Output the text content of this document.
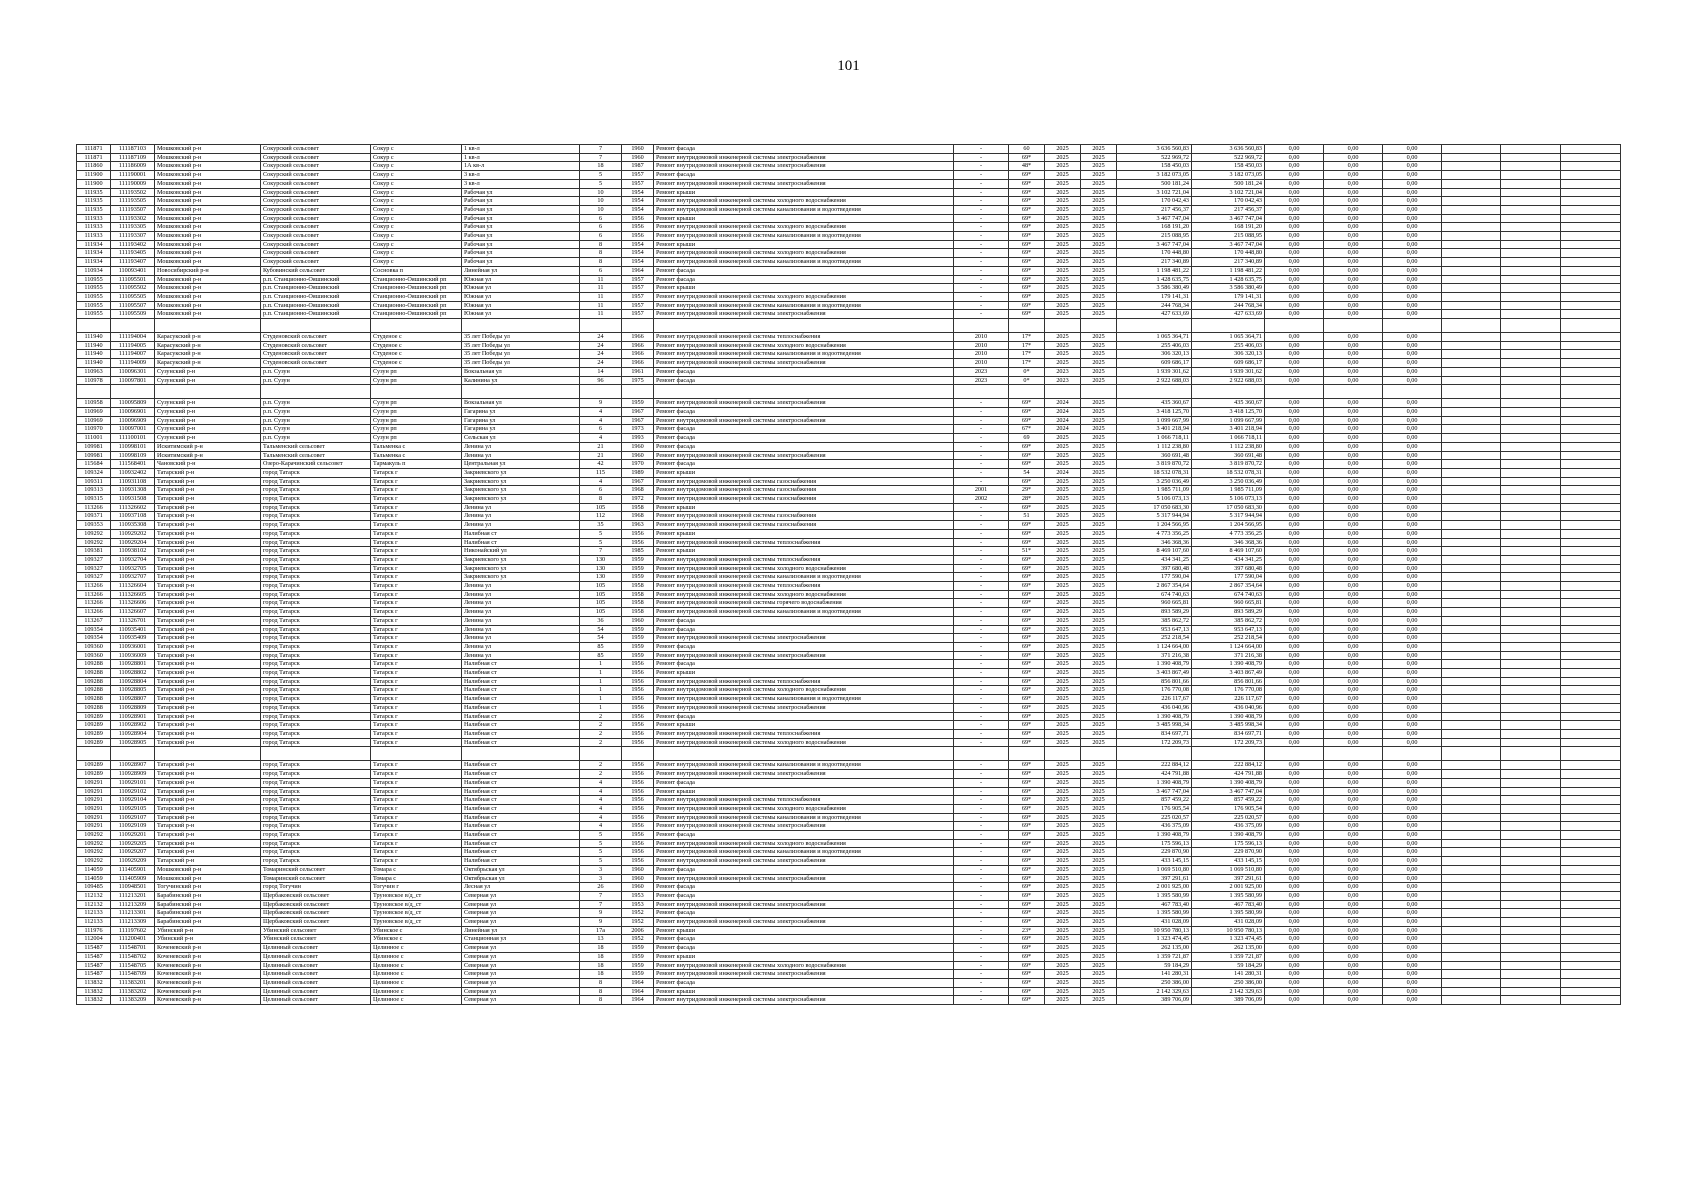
101
111871	111187103	Мошковский р-н	Сокурский сельсовет	Сокур с	1 кв-л	7	1960	Ремонт фасада	-	60	2025	2025	3 636 560,83	3 636 560,83	0,00	0,00	0,00			
111871	111187109	Мошковский р-н	Сокурский сельсовет	Сокур с	1 кв-л	7	1960	Ремонт внутридомовой инженерной системы электроснабжения	-	69*	2025	2025	522 969,72	522 969,72	0,00	0,00	0,00			
111860	111186009	Мошковский р-н	Сокурский сельсовет	Сокур с	1А кв-л	18	1987	Ремонт внутридомовой инженерной системы электроснабжения	-	48*	2025	2025	158 450,03	158 450,03	0,00	0,00	0,00			
111900	111190001	Мошковский р-н	Сокурский сельсовет	Сокур с	3 кв-л	5	1957	Ремонт фасада	-	69*	2025	2025	3 182 073,05	3 182 073,05	0,00	0,00	0,00			
111900	111190009	Мошковский р-н	Сокурский сельсовет	Сокур с	3 кв-л	5	1957	Ремонт внутридомовой инженерной системы электроснабжения	-	69*	2025	2025	500 181,24	500 181,24	0,00	0,00	0,00			
111935	111193502	Мошковский р-н	Сокурский сельсовет	Сокур с	Рабочая ул	10	1954	Ремонт крыши	-	69*	2025	2025	3 102 721,04	3 102 721,04	0,00	0,00	0,00			
111935	111193505	Мошковский р-н	Сокурский сельсовет	Сокур с	Рабочая ул	10	1954	Ремонт внутридомовой инженерной системы холодного водоснабжения	-	69*	2025	2025	170 042,43	170 042,43	0,00	0,00	0,00			
111935	111193507	Мошковский р-н	Сокурский сельсовет	Сокур с	Рабочая ул	10	1954	Ремонт внутридомовой инженерной системы канализования и водоотведения	-	69*	2025	2025	217 456,37	217 456,37	0,00	0,00	0,00			
111933	111193302	Мошковский р-н	Сокурский сельсовет	Сокур с	Рабочая ул	6	1956	Ремонт крыши	-	69*	2025	2025	3 467 747,04	3 467 747,04	0,00	0,00	0,00			
111933	111193305	Мошковский р-н	Сокурский сельсовет	Сокур с	Рабочая ул	6	1956	Ремонт внутридомовой инженерной системы холодного водоснабжения	-	69*	2025	2025	168 191,20	168 191,20	0,00	0,00	0,00			
111933	111193307	Мошковский р-н	Сокурский сельсовет	Сокур с	Рабочая ул	6	1956	Ремонт внутридомовой инженерной системы канализования и водоотведения	-	69*	2025	2025	215 088,95	215 088,95	0,00	0,00	0,00			
111934	111193402	Мошковский р-н	Сокурский сельсовет	Сокур с	Рабочая ул	8	1954	Ремонт крыши	-	69*	2025	2025	3 467 747,04	3 467 747,04	0,00	0,00	0,00			
111934	111193405	Мошковский р-н	Сокурский сельсовет	Сокур с	Рабочая ул	8	1954	Ремонт внутридомовой инженерной системы холодного водоснабжения	-	69*	2025	2025	170 448,80	170 448,80	0,00	0,00	0,00			
111934	111193407	Мошковский р-н	Сокурский сельсовет	Сокур с	Рабочая ул	8	1954	Ремонт внутридомовой инженерной системы канализования и водоотведения	-	69*	2025	2025	217 340,89	217 340,89	0,00	0,00	0,00			
110934	110093401	Новосибирский р-н	Кубовинский сельсовет	Сосновка п	Линейная ул	6	1964	Ремонт фасада	-	69*	2025	2025	1 198 481,22	1 198 481,22	0,00	0,00	0,00			
110955	111095501	Мошковский р-н	р.п. Станционно-Ояшинский	Станционно-Ояшинский рп	Южная ул	11	1957	Ремонт фасада	-	69*	2025	2025	1 428 635,75	1 428 635,75	0,00	0,00	0,00			
110955	111095502	Мошковский р-н	р.п. Станционно-Ояшинский	Станционно-Ояшинский рп	Южная ул	11	1957	Ремонт крыши	-	69*	2025	2025	3 586 380,49	3 586 380,49	0,00	0,00	0,00			
110955	111095505	Мошковский р-н	р.п. Станционно-Ояшинский	Станционно-Ояшинский рп	Южная ул	11	1957	Ремонт внутридомовой инженерной системы холодного водоснабжения	-	69*	2025	2025	179 141,31	179 141,31	0,00	0,00	0,00			
110955	111095507	Мошковский р-н	р.п. Станционно-Ояшинский	Станционно-Ояшинский рп	Южная ул	11	1957	Ремонт внутридомовой инженерной системы канализования и водоотведения	-	69*	2025	2025	244 768,34	244 768,34	0,00	0,00	0,00			
110955	111095509	Мошковский р-н	р.п. Станционно-Ояшинский	Станционно-Ояшинский рп	Южная ул	11	1957	Ремонт внутридомовой инженерной системы электроснабжения	-	69*	2025	2025	427 633,69	427 633,69	0,00	0,00	0,00			

111940	111194004	Карасукский р-н	Студеновский сельсовет	Студеное с	35 лет Победы ул	24	1966	Ремонт внутридомовой инженерной системы теплоснабжения	2010	17*	2025	2025	1 065 364,71	1 065 364,71	0,00	0,00	0,00			
111940	111194005	Карасукский р-н	Студеновский сельсовет	Студеное с	35 лет Победы ул	24	1966	Ремонт внутридомовой инженерной системы холодного водоснабжения	2010	17*	2025	2025	255 406,03	255 406,03	0,00	0,00	0,00			
111940	111194007	Карасукский р-н	Студеновский сельсовет	Студеное с	35 лет Победы ул	24	1966	Ремонт внутридомовой инженерной системы канализования и водоотведения	2010	17*	2025	2025	306 320,13	306 320,13	0,00	0,00	0,00			
111940	111194009	Карасукский р-н	Студеновский сельсовет	Студеное с	35 лет Победы ул	24	1966	Ремонт внутридомовой инженерной системы электроснабжения	2010	17*	2025	2025	609 686,17	609 686,17	0,00	0,00	0,00			
110963	110096301	Сузунский р-н	р.п. Сузун	Сузун рп	Вокзальная ул	14	1961	Ремонт фасада	2023	0*	2023	2025	1 939 301,62	1 939 301,62	0,00	0,00	0,00			
110978	110097801	Сузунский р-н	р.п. Сузун	Сузун рп	Калинина ул	96	1975	Ремонт фасада	2023	0*	2023	2025	2 922 688,03	2 922 688,03	0,00	0,00	0,00			

110958	110095809	Сузунский р-н	р.п. Сузун	Сузун рп	Вокзальная ул	9	1959	Ремонт внутридомовой инженерной системы электроснабжения	-	69*	2024	2025	435 360,67	435 360,67	0,00	0,00	0,00			
110969	110096901	Сузунский р-н	р.п. Сузун	Сузун рп	Гагарина ул	4	1967	Ремонт фасада	-	69*	2024	2025	3 418 125,70	3 418 125,70	0,00	0,00	0,00			
110969	110096909	Сузунский р-н	р.п. Сузун	Сузун рп	Гагарина ул	4	1967	Ремонт внутридомовой инженерной системы электроснабжения	-	69*	2024	2025	1 099 667,99	1 099 667,99	0,00	0,00	0,00			
110970	110097001	Сузунский р-н	р.п. Сузун	Сузун рп	Гагарина ул	6	1973	Ремонт фасада	-	67*	2024	2025	3 401 218,94	3 401 218,94	0,00	0,00	0,00			
111001	111100101	Сузунский р-н	р.п. Сузун	Сузун рп	Сельская ул	4	1993	Ремонт фасада	-	69	2025	2025	1 066 718,11	1 066 718,11	0,00	0,00	0,00			
109981	110998101	Искитимский р-н	Тальменский сельсовет	Тальменка с	Ленина ул	21	1960	Ремонт фасада	-	69*	2025	2025	1 112 238,80	1 112 238,80	0,00	0,00	0,00			
109981	110998109	Искитимский р-н	Тальменский сельсовет	Тальменка с	Ленина ул	21	1960	Ремонт внутридомовой инженерной системы электроснабжения	-	69*	2025	2025	360 691,48	360 691,48	0,00	0,00	0,00			
115684	111568401	Чановский р-н	Озеро-Карачинский сельсовет	Тармакуль п	Центральная ул	42	1970	Ремонт фасада	-	69*	2025	2025	3 819 870,72	3 819 870,72	0,00	0,00	0,00			
109324	110932402	Татарский р-н	город Татарск	Татарск г	Закриевского ул	115	1989	Ремонт крыши	-	54	2024	2025	18 532 078,31	18 532 078,31	0,00	0,00	0,00			
109311	110931108	Татарский р-н	город Татарск	Татарск г	Закриевского ул	4	1967	Ремонт внутридомовой инженерной системы газоснабжения	-	69*	2025	2025	3 250 036,49	3 250 036,49	0,00	0,00	0,00			
109313	110931308	Татарский р-н	город Татарск	Татарск г	Закриевского ул	6	1968	Ремонт внутридомовой инженерной системы газоснабжения	2001	29*	2025	2025	1 985 711,09	1 985 711,09	0,00	0,00	0,00			
109315	110931508	Татарский р-н	город Татарск	Татарск г	Закриевского ул	8	1972	Ремонт внутридомовой инженерной системы газоснабжения	2002	28*	2025	2025	5 106 073,13	5 106 073,13	0,00	0,00	0,00			
113266	111326602	Татарский р-н	город Татарск	Татарск г	Ленина ул	105	1958	Ремонт крыши	-	69*	2025	2025	17 050 683,30	17 050 683,30	0,00	0,00	0,00			
109371	110937108	Татарский р-н	город Татарск	Татарск г	Ленина ул	112	1968	Ремонт внутридомовой инженерной системы газоснабжения	-	51	2025	2025	5 317 944,94	5 317 944,94	0,00	0,00	0,00			
109353	110935308	Татарский р-н	город Татарск	Татарск г	Ленина ул	35	1963	Ремонт внутридомовой инженерной системы газоснабжения	-	69*	2025	2025	1 204 566,95	1 204 566,95	0,00	0,00	0,00			
109292	110929202	Татарский р-н	город Татарск	Татарск г	Налибная ст	5	1956	Ремонт крыши	-	69*	2025	2025	4 773 356,25	4 773 356,25	0,00	0,00	0,00			
109292	110929204	Татарский р-н	город Татарск	Татарск г	Налибная ст	5	1956	Ремонт внутридомовой инженерной системы теплоснабжения	-	69*	2025	2025	346 368,36	346 368,36	0,00	0,00	0,00			
109381	110938102	Татарский р-н	город Татарск	Татарск г	Никонайский ул	7	1985	Ремонт крыши	-	51*	2025	2025	8 469 107,60	8 469 107,60	0,00	0,00	0,00			
109327	110932704	Татарский р-н	город Татарск	Татарск г	Закриевского ул	130	1959	Ремонт внутридомовой инженерной системы теплоснабжения	-	69*	2025	2025	434 341,25	434 341,25	0,00	0,00	0,00			
109327	110932705	Татарский р-н	город Татарск	Татарск г	Закриевского ул	130	1959	Ремонт внутридомовой инженерной системы холодного водоснабжения	-	69*	2025	2025	397 680,48	397 680,48	0,00	0,00	0,00			
109327	110932707	Татарский р-н	город Татарск	Татарск г	Закриевского ул	130	1959	Ремонт внутридомовой инженерной системы канализования и водоотведения	-	69*	2025	2025	177 590,04	177 590,04	0,00	0,00	0,00			
113266	111326604	Татарский р-н	город Татарск	Татарск г	Ленина ул	105	1958	Ремонт внутридомовой инженерной системы теплоснабжения	-	69*	2025	2025	2 867 354,64	2 867 354,64	0,00	0,00	0,00			
113266	111326605	Татарский р-н	город Татарск	Татарск г	Ленина ул	105	1958	Ремонт внутридомовой инженерной системы холодного водоснабжения	-	69*	2025	2025	674 740,63	674 740,63	0,00	0,00	0,00			
113266	111326606	Татарский р-н	город Татарск	Татарск г	Ленина ул	105	1958	Ремонт внутридомовой инженерной системы горячего водоснабжения	-	69*	2025	2025	960 665,81	960 665,81	0,00	0,00	0,00			
113266	111326607	Татарский р-н	город Татарск	Татарск г	Ленина ул	105	1958	Ремонт внутридомовой инженерной системы канализования и водоотведения	-	69*	2025	2025	893 589,29	893 589,29	0,00	0,00	0,00			
113267	111326701	Татарский р-н	город Татарск	Татарск г	Ленина ул	36	1960	Ремонт фасада	-	69*	2025	2025	385 862,72	385 862,72	0,00	0,00	0,00			
109354	110935401	Татарский р-н	город Татарск	Татарск г	Ленина ул	54	1959	Ремонт фасада	-	69*	2025	2025	953 647,13	953 647,13	0,00	0,00	0,00			
109354	110935409	Татарский р-н	город Татарск	Татарск г	Ленина ул	54	1959	Ремонт внутридомовой инженерной системы электроснабжения	-	69*	2025	2025	252 218,54	252 218,54	0,00	0,00	0,00			
109360	110936001	Татарский р-н	город Татарск	Татарск г	Ленина ул	85	1959	Ремонт фасада	-	69*	2025	2025	1 124 664,00	1 124 664,00	0,00	0,00	0,00			
109360	110936009	Татарский р-н	город Татарск	Татарск г	Ленина ул	85	1959	Ремонт внутридомовой инженерной системы электроснабжения	-	69*	2025	2025	371 216,38	371 216,38	0,00	0,00	0,00			
109288	110928801	Татарский р-н	город Татарск	Татарск г	Налибная ст	1	1956	Ремонт фасада	-	69*	2025	2025	1 390 408,79	1 390 408,79	0,00	0,00	0,00			
109288	110928802	Татарский р-н	город Татарск	Татарск г	Налибная ст	1	1956	Ремонт крыши	-	69*	2025	2025	3 403 867,49	3 403 867,49	0,00	0,00	0,00			
109288	110928804	Татарский р-н	город Татарск	Татарск г	Налибная ст	1	1956	Ремонт внутридомовой инженерной системы теплоснабжения	-	69*	2025	2025	856 801,66	856 801,66	0,00	0,00	0,00			
109288	110928805	Татарский р-н	город Татарск	Татарск г	Налибная ст	1	1956	Ремонт внутридомовой инженерной системы холодного водоснабжения	-	69*	2025	2025	176 770,08	176 770,08	0,00	0,00	0,00			
109288	110928807	Татарский р-н	город Татарск	Татарск г	Налибная ст	1	1956	Ремонт внутридомовой инженерной системы канализования и водоотведения	-	69*	2025	2025	226 117,67	226 117,67	0,00	0,00	0,00			
109288	110928809	Татарский р-н	город Татарск	Татарск г	Налибная ст	1	1956	Ремонт внутридомовой инженерной системы электроснабжения	-	69*	2025	2025	436 040,96	436 040,96	0,00	0,00	0,00			
109289	110928901	Татарский р-н	город Татарск	Татарск г	Налибная ст	2	1956	Ремонт фасада	-	69*	2025	2025	1 390 408,79	1 390 408,79	0,00	0,00	0,00			
109289	110928902	Татарский р-н	город Татарск	Татарск г	Налибная ст	2	1956	Ремонт крыши	-	69*	2025	2025	3 485 998,34	3 485 998,34	0,00	0,00	0,00			
109289	110928904	Татарский р-н	город Татарск	Татарск г	Налибная ст	2	1956	Ремонт внутридомовой инженерной системы теплоснабжения	-	69*	2025	2025	834 697,71	834 697,71	0,00	0,00	0,00			
109289	110928905	Татарский р-н	город Татарск	Татарск г	Налибная ст	2	1956	Ремонт внутридомовой инженерной системы холодного водоснабжения	-	69*	2025	2025	172 209,73	172 209,73	0,00	0,00	0,00			

109289	110928907	Татарский р-н	город Татарск	Татарск г	Налибная ст	2	1956	Ремонт внутридомовой инженерной системы канализования и водоотведения	-	69*	2025	2025	222 884,12	222 884,12	0,00	0,00	0,00			
109289	110928909	Татарский р-н	город Татарск	Татарск г	Налибная ст	2	1956	Ремонт внутридомовой инженерной системы электроснабжения	-	69*	2025	2025	424 791,88	424 791,88	0,00	0,00	0,00			
109291	110929101	Татарский р-н	город Татарск	Татарск г	Налибная ст	4	1956	Ремонт фасада	-	69*	2025	2025	1 390 408,79	1 390 408,79	0,00	0,00	0,00			
109291	110929102	Татарский р-н	город Татарск	Татарск г	Налибная ст	4	1956	Ремонт крыши	-	69*	2025	2025	3 467 747,04	3 467 747,04	0,00	0,00	0,00			
109291	110929104	Татарский р-н	город Татарск	Татарск г	Налибная ст	4	1956	Ремонт внутридомовой инженерной системы теплоснабжения	-	69*	2025	2025	857 459,22	857 459,22	0,00	0,00	0,00			
109291	110929105	Татарский р-н	город Татарск	Татарск г	Налибная ст	4	1956	Ремонт внутридомовой инженерной системы холодного водоснабжения	-	69*	2025	2025	176 905,54	176 905,54	0,00	0,00	0,00			
109291	110929107	Татарский р-н	город Татарск	Татарск г	Налибная ст	4	1956	Ремонт внутридомовой инженерной системы канализования и водоотведения	-	69*	2025	2025	225 020,57	225 020,57	0,00	0,00	0,00			
109291	110929109	Татарский р-н	город Татарск	Татарск г	Налибная ст	4	1956	Ремонт внутридомовой инженерной системы электроснабжения	-	69*	2025	2025	436 375,09	436 375,09	0,00	0,00	0,00			
109292	110929201	Татарский р-н	город Татарск	Татарск г	Налибная ст	5	1956	Ремонт фасада	-	69*	2025	2025	1 390 408,79	1 390 408,79	0,00	0,00	0,00			
109292	110929205	Татарский р-н	город Татарск	Татарск г	Налибная ст	5	1956	Ремонт внутридомовой инженерной системы холодного водоснабжения	-	69*	2025	2025	175 596,13	175 596,13	0,00	0,00	0,00			
109292	110929207	Татарский р-н	город Татарск	Татарск г	Налибная ст	5	1956	Ремонт внутридомовой инженерной системы канализования и водоотведения	-	69*	2025	2025	229 870,90	229 870,90	0,00	0,00	0,00			
109292	110929209	Татарский р-н	город Татарск	Татарск г	Налибная ст	5	1956	Ремонт внутридомовой инженерной системы электроснабжения	-	69*	2025	2025	433 145,15	433 145,15	0,00	0,00	0,00			
114059	111405901	Мошковский р-н	Томаринский сельсовет	Томара с	Октябрьская ул	3	1960	Ремонт фасада	-	69*	2025	2025	1 069 510,80	1 069 510,80	0,00	0,00	0,00			
114059	111405909	Мошковский р-н	Томаринский сельсовет	Томара с	Октябрьская ул	3	1960	Ремонт внутридомовой инженерной системы электроснабжения	-	69*	2025	2025	397 291,61	397 291,61	0,00	0,00	0,00			
109485	110948501	Тогучинский р-н	город Тогучин	Тогучин г	Лесная ул	26	1960	Ремонт фасада	-	69*	2025	2025	2 001 925,00	2 001 925,00	0,00	0,00	0,00			
112132	111213201	Барабинский р-н	Щербаковский сельсовет	Труновское в/д_ст	Северная ул	7	1953	Ремонт фасада	-	69*	2025	2025	1 395 580,99	1 395 580,99	0,00	0,00	0,00			
112132	111213209	Барабинский р-н	Щербаковский сельсовет	Труновское в/д_ст	Северная ул	7	1953	Ремонт внутридомовой инженерной системы электроснабжения	-	69*	2025	2025	467 783,40	467 783,40	0,00	0,00	0,00			
112133	111213301	Барабинский р-н	Щербаковский сельсовет	Труновское в/д_ст	Северная ул	9	1952	Ремонт фасада	-	69*	2025	2025	1 395 580,99	1 395 580,99	0,00	0,00	0,00			
112133	111213309	Барабинский р-н	Щербаковский сельсовет	Труновское в/д_ст	Северная ул	9	1952	Ремонт внутридомовой инженерной системы электроснабжения	-	69*	2025	2025	431 028,09	431 028,09	0,00	0,00	0,00			
111976	111197602	Убинский р-н	Убинский сельсовет	Убинское с	Линейная ул	17а	2006	Ремонт крыши	-	23*	2025	2025	10 950 780,13	10 950 780,13	0,00	0,00	0,00			
112004	111200401	Убинский р-н	Убинский сельсовет	Убинское с	Станционная ул	13	1952	Ремонт фасада	-	69*	2025	2025	1 323 474,45	1 323 474,45	0,00	0,00	0,00			
115487	111548701	Коченевский р-н	Целинный сельсовет	Целинное с	Северная ул	18	1959	Ремонт фасада	-	69*	2025	2025	262 135,00	262 135,00	0,00	0,00	0,00			
115487	111548702	Коченевский р-н	Целинный сельсовет	Целинное с	Северная ул	18	1959	Ремонт крыши	-	69*	2025	2025	1 359 721,87	1 359 721,87	0,00	0,00	0,00			
115487	111548705	Коченевский р-н	Целинный сельсовет	Целинное с	Северная ул	18	1959	Ремонт внутридомовой инженерной системы холодного водоснабжения	-	69*	2025	2025	59 184,29	59 184,29	0,00	0,00	0,00			
115487	111548709	Коченевский р-н	Целинный сельсовет	Целинное с	Северная ул	18	1959	Ремонт внутридомовой инженерной системы электроснабжения	-	69*	2025	2025	141 280,31	141 280,31	0,00	0,00	0,00			
113832	111383201	Коченевский р-н	Целинный сельсовет	Целинное с	Северная ул	8	1964	Ремонт фасада	-	69*	2025	2025	250 386,00	250 386,00	0,00	0,00	0,00			
113832	111383202	Коченевский р-н	Целинный сельсовет	Целинное с	Северная ул	8	1964	Ремонт крыши	-	69*	2025	2025	2 142 329,63	2 142 329,63	0,00	0,00	0,00			
113832	111383209	Коченевский р-н	Целинный сельсовет	Целинное с	Северная ул	8	1964	Ремонт внутридомовой инженерной системы электроснабжения	-	69*	2025	2025	389 706,09	389 706,09	0,00	0,00	0,00			
